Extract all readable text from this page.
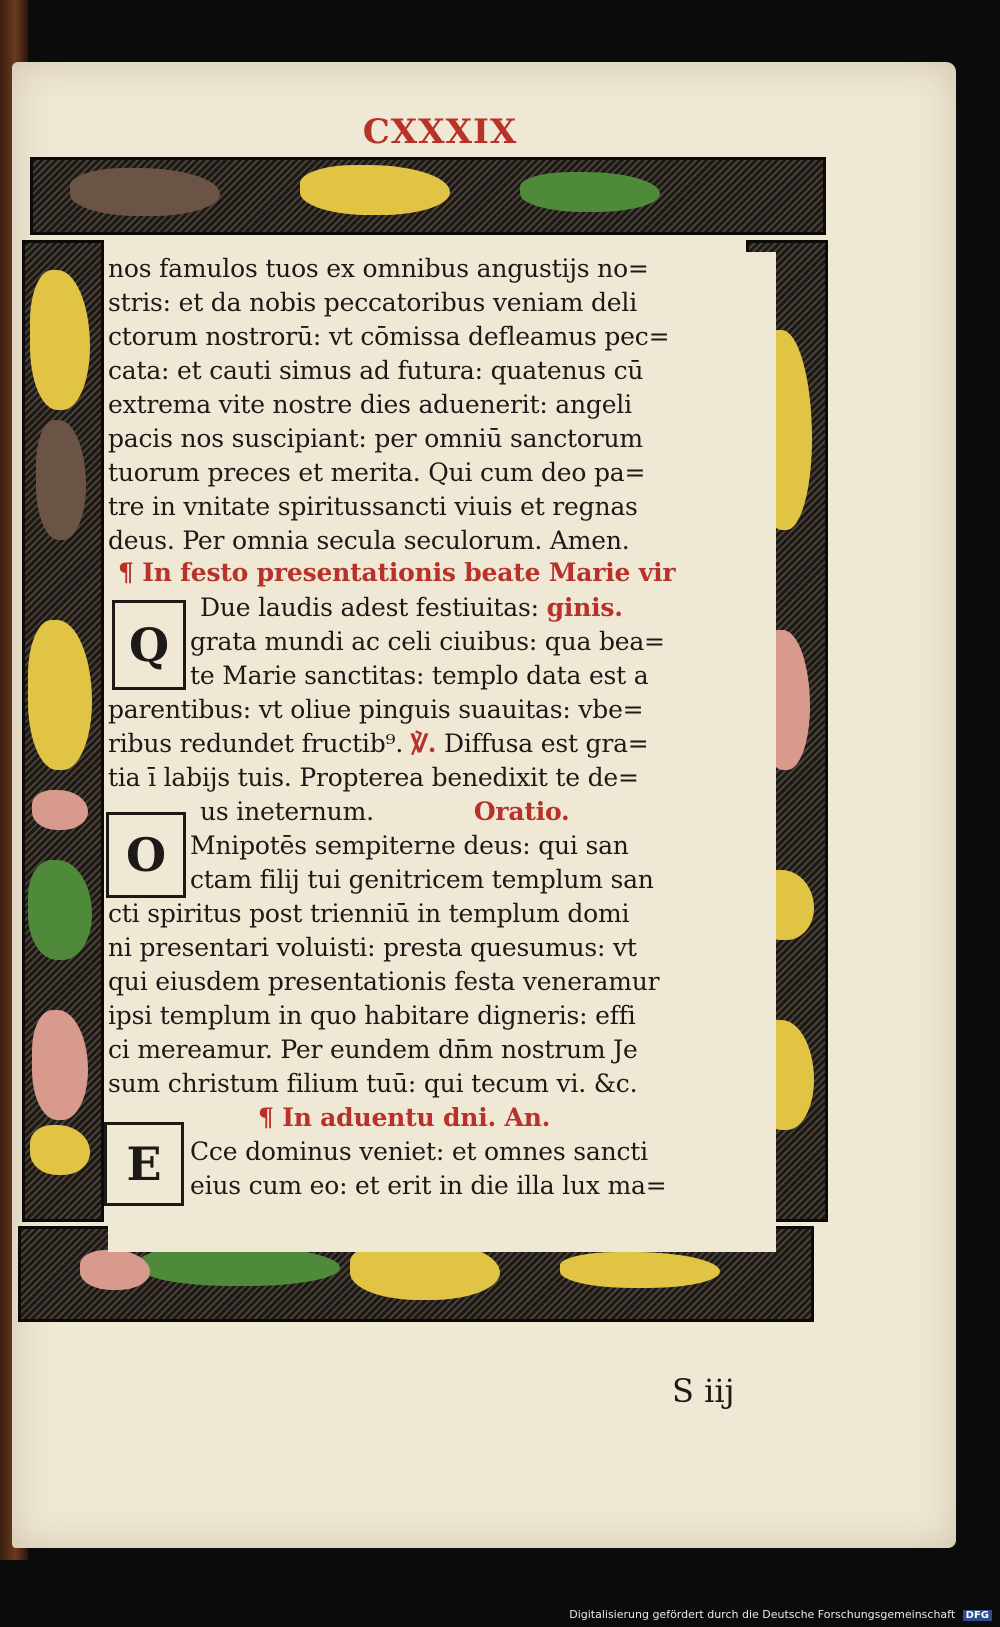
CXXXIX
nos famulos tuos ex omnibus angustijs no=
stris: et da nobis peccatoribus veniam deli
ctorum nostrorū: vt cōmissa defleamus pec=
cata: et cauti simus ad futura: quatenus cū
extrema vite nostre dies aduenerit: angeli
pacis nos suscipiant: per omniū sanctorum
tuorum preces et merita. Qui cum deo pa=
tre in vnitate spiritussancti viuis et regnas
deus. Per omnia secula seculorum. Amen.
¶ In festo presentationis beate Marie vir
Due laudis adest festiuitas: ginis.
grata mundi ac celi ciuibus: qua bea=
te Marie sanctitas: templo data est a
parentibus: vt oliue pinguis suauitas: vbe=
ribus redundet fructib⁹. ℣. Diffusa est gra=
tia ī labijs tuis. Propterea benedixit te de=
us ineternum.	Oratio.
Mnipotēs sempiterne deus: qui san
ctam filij tui genitricem templum san
cti spiritus post trienniū in templum domi
ni presentari voluisti: presta quesumus: vt
qui eiusdem presentationis festa veneramur
ipsi templum in quo habitare digneris: effi
ci mereamur. Per eundem dn̄m nostrum Je
sum christum filium tuū: qui tecum vi. &c.
¶ In aduentu dni. An.
Cce dominus veniet: et omnes sancti
eius cum eo: et erit in die illa lux ma=
Q
O
E
S iij
Digitalisierung gefördert durch die Deutsche Forschungsgemeinschaft DFG
